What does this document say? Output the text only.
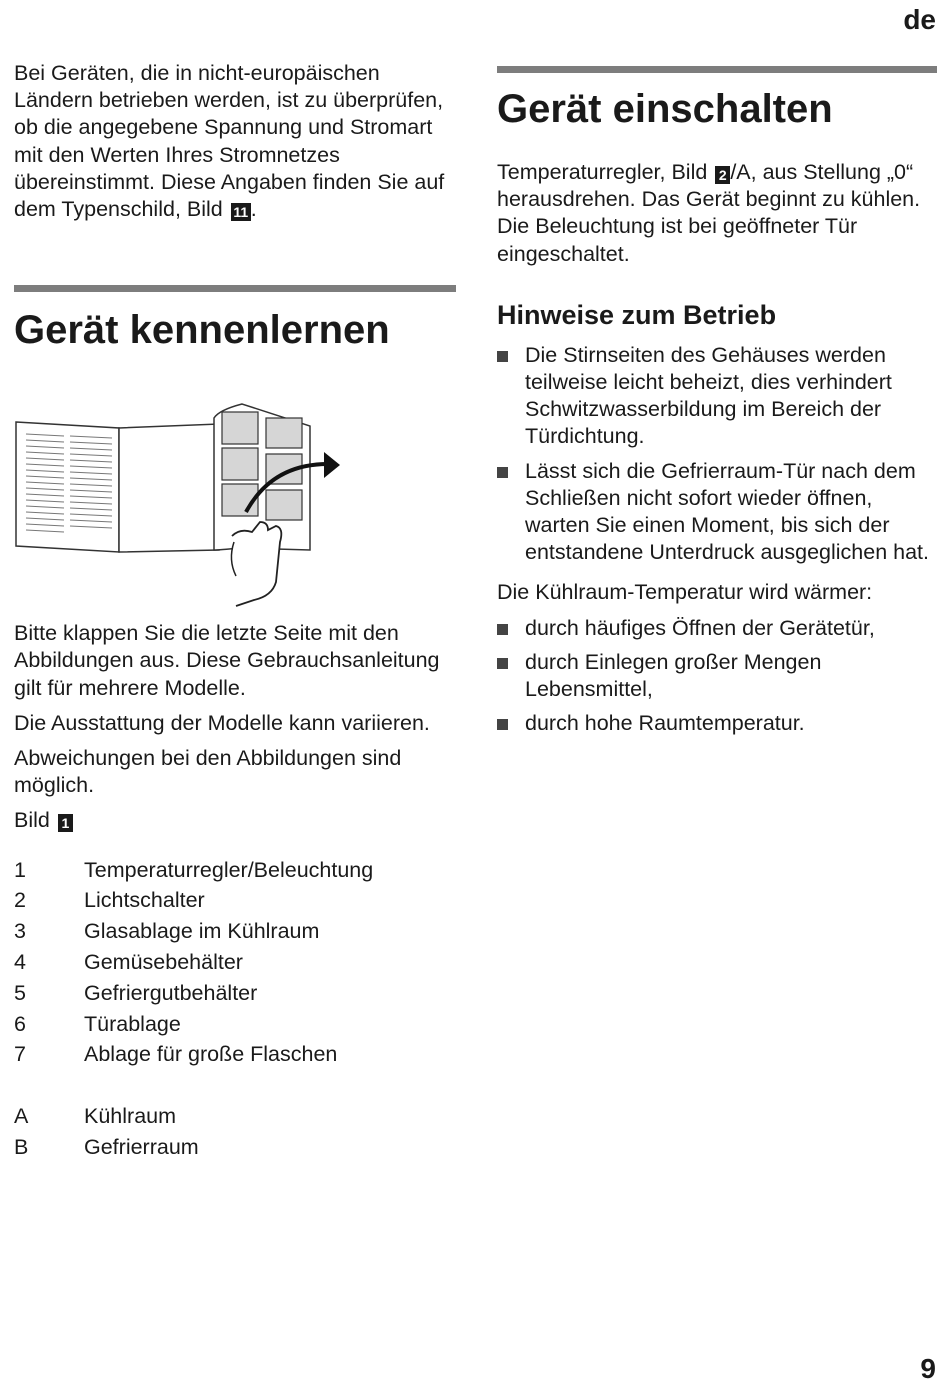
de

Bei Geräten, die in nicht-europäischen Ländern betrieben werden, ist zu überprüfen, ob die angegebene Spannung und Stromart mit den Werten Ihres Stromnetzes übereinstimmt. Diese Angaben finden Sie auf dem Typenschild, Bild 11 .

Gerät kennenlernen

Bitte klappen Sie die letzte Seite mit den Abbildungen aus. Diese Gebrauchsanleitung gilt für mehrere Modelle.

Die Ausstattung der Modelle kann variieren.

Abweichungen bei den Abbildungen sind möglich.

Bild 1

1	Temperaturregler/Beleuchtung
2	Lichtschalter
3	Glasablage im Kühlraum
4	Gemüsebehälter
5	Gefriergutbehälter
6	Türablage
7	Ablage für große Flaschen
A	Kühlraum
B	Gefrierraum
Gerät einschalten

Temperaturregler, Bild 2 /A, aus Stellung „0“ herausdrehen. Das Gerät beginnt zu kühlen. Die Beleuchtung ist bei geöffneter Tür eingeschaltet.

Hinweise zum Betrieb
Die Stirnseiten des Gehäuses werden teilweise leicht beheizt, dies verhindert Schwitzwasserbildung im Bereich der Türdichtung.
Lässt sich die Gefrierraum-Tür nach dem Schließen nicht sofort wieder öffnen, warten Sie einen Moment, bis sich der entstandene Unterdruck ausgeglichen hat.

Die Kühlraum-Temperatur wird wärmer:

durch häufiges Öffnen der Gerätetür,
durch Einlegen großer Mengen Lebensmittel,
durch hohe Raumtemperatur.
9
